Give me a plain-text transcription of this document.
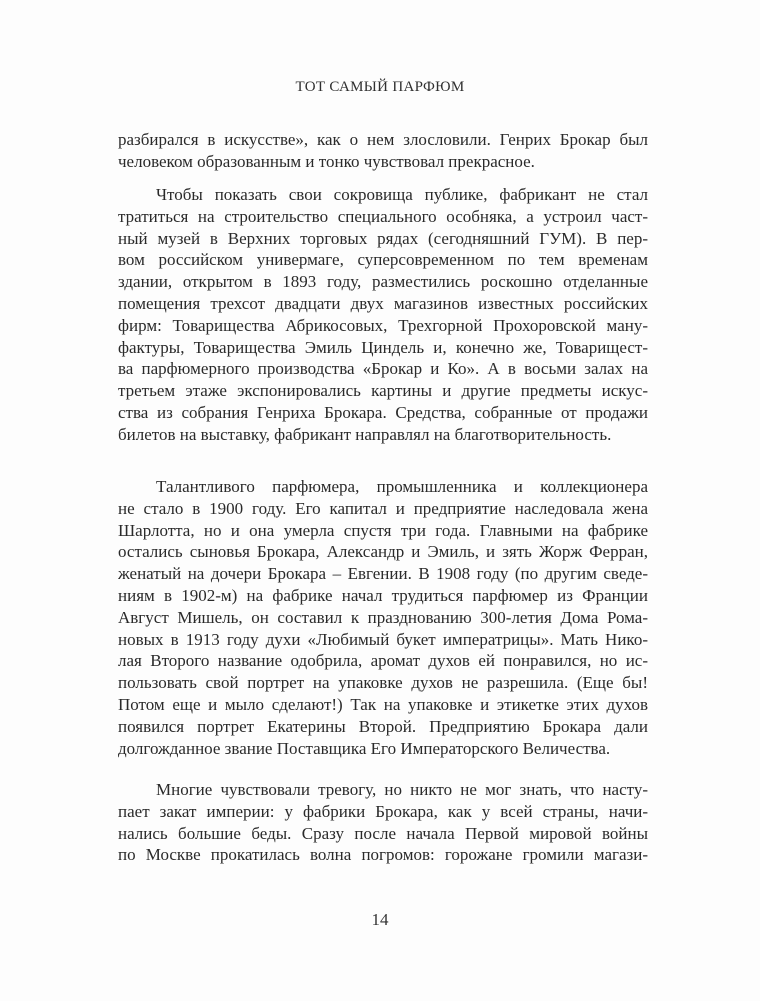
ТОТ САМЫЙ ПАРФЮМ
разбирался в искусстве», как о нем злословили. Генрих Брокар был
человеком образованным и тонко чувствовал прекрасное.
Чтобы показать свои сокровища публике, фабрикант не стал
тратиться на строительство специального особняка, а устроил част-
ный музей в Верхних торговых рядах (сегодняшний ГУМ). В пер-
вом российском универмаге, суперсовременном по тем временам
здании, открытом в 1893 году, разместились роскошно отделанные
помещения трехсот двадцати двух магазинов известных российских
фирм: Товарищества Абрикосовых, Трехгорной Прохоровской ману-
фактуры, Товарищества Эмиль Циндель и, конечно же, Товарищест-
ва парфюмерного производства «Брокар и Ко». А в восьми залах на
третьем этаже экспонировались картины и другие предметы искус-
ства из собрания Генриха Брокара. Средства, собранные от продажи
билетов на выставку, фабрикант направлял на благотворительность.
Талантливого парфюмера, промышленника и коллекционера
не стало в 1900 году. Его капитал и предприятие наследовала жена
Шарлотта, но и она умерла спустя три года. Главными на фабрике
остались сыновья Брокара, Александр и Эмиль, и зять Жорж Ферран,
женатый на дочери Брокара – Евгении. В 1908 году (по другим сведе-
ниям в 1902-м) на фабрике начал трудиться парфюмер из Франции
Август Мишель, он составил к празднованию 300-летия Дома Рома-
новых в 1913 году духи «Любимый букет императрицы». Мать Нико-
лая Второго название одобрила, аромат духов ей понравился, но ис-
пользовать свой портрет на упаковке духов не разрешила. (Еще бы!
Потом еще и мыло сделают!) Так на упаковке и этикетке этих духов
появился портрет Екатерины Второй. Предприятию Брокара дали
долгожданное звание Поставщика Его Императорского Величества.
Многие чувствовали тревогу, но никто не мог знать, что насту-
пает закат империи: у фабрики Брокара, как у всей страны, начи-
нались большие беды. Сразу после начала Первой мировой войны
по Москве прокатилась волна погромов: горожане громили магази-
14
